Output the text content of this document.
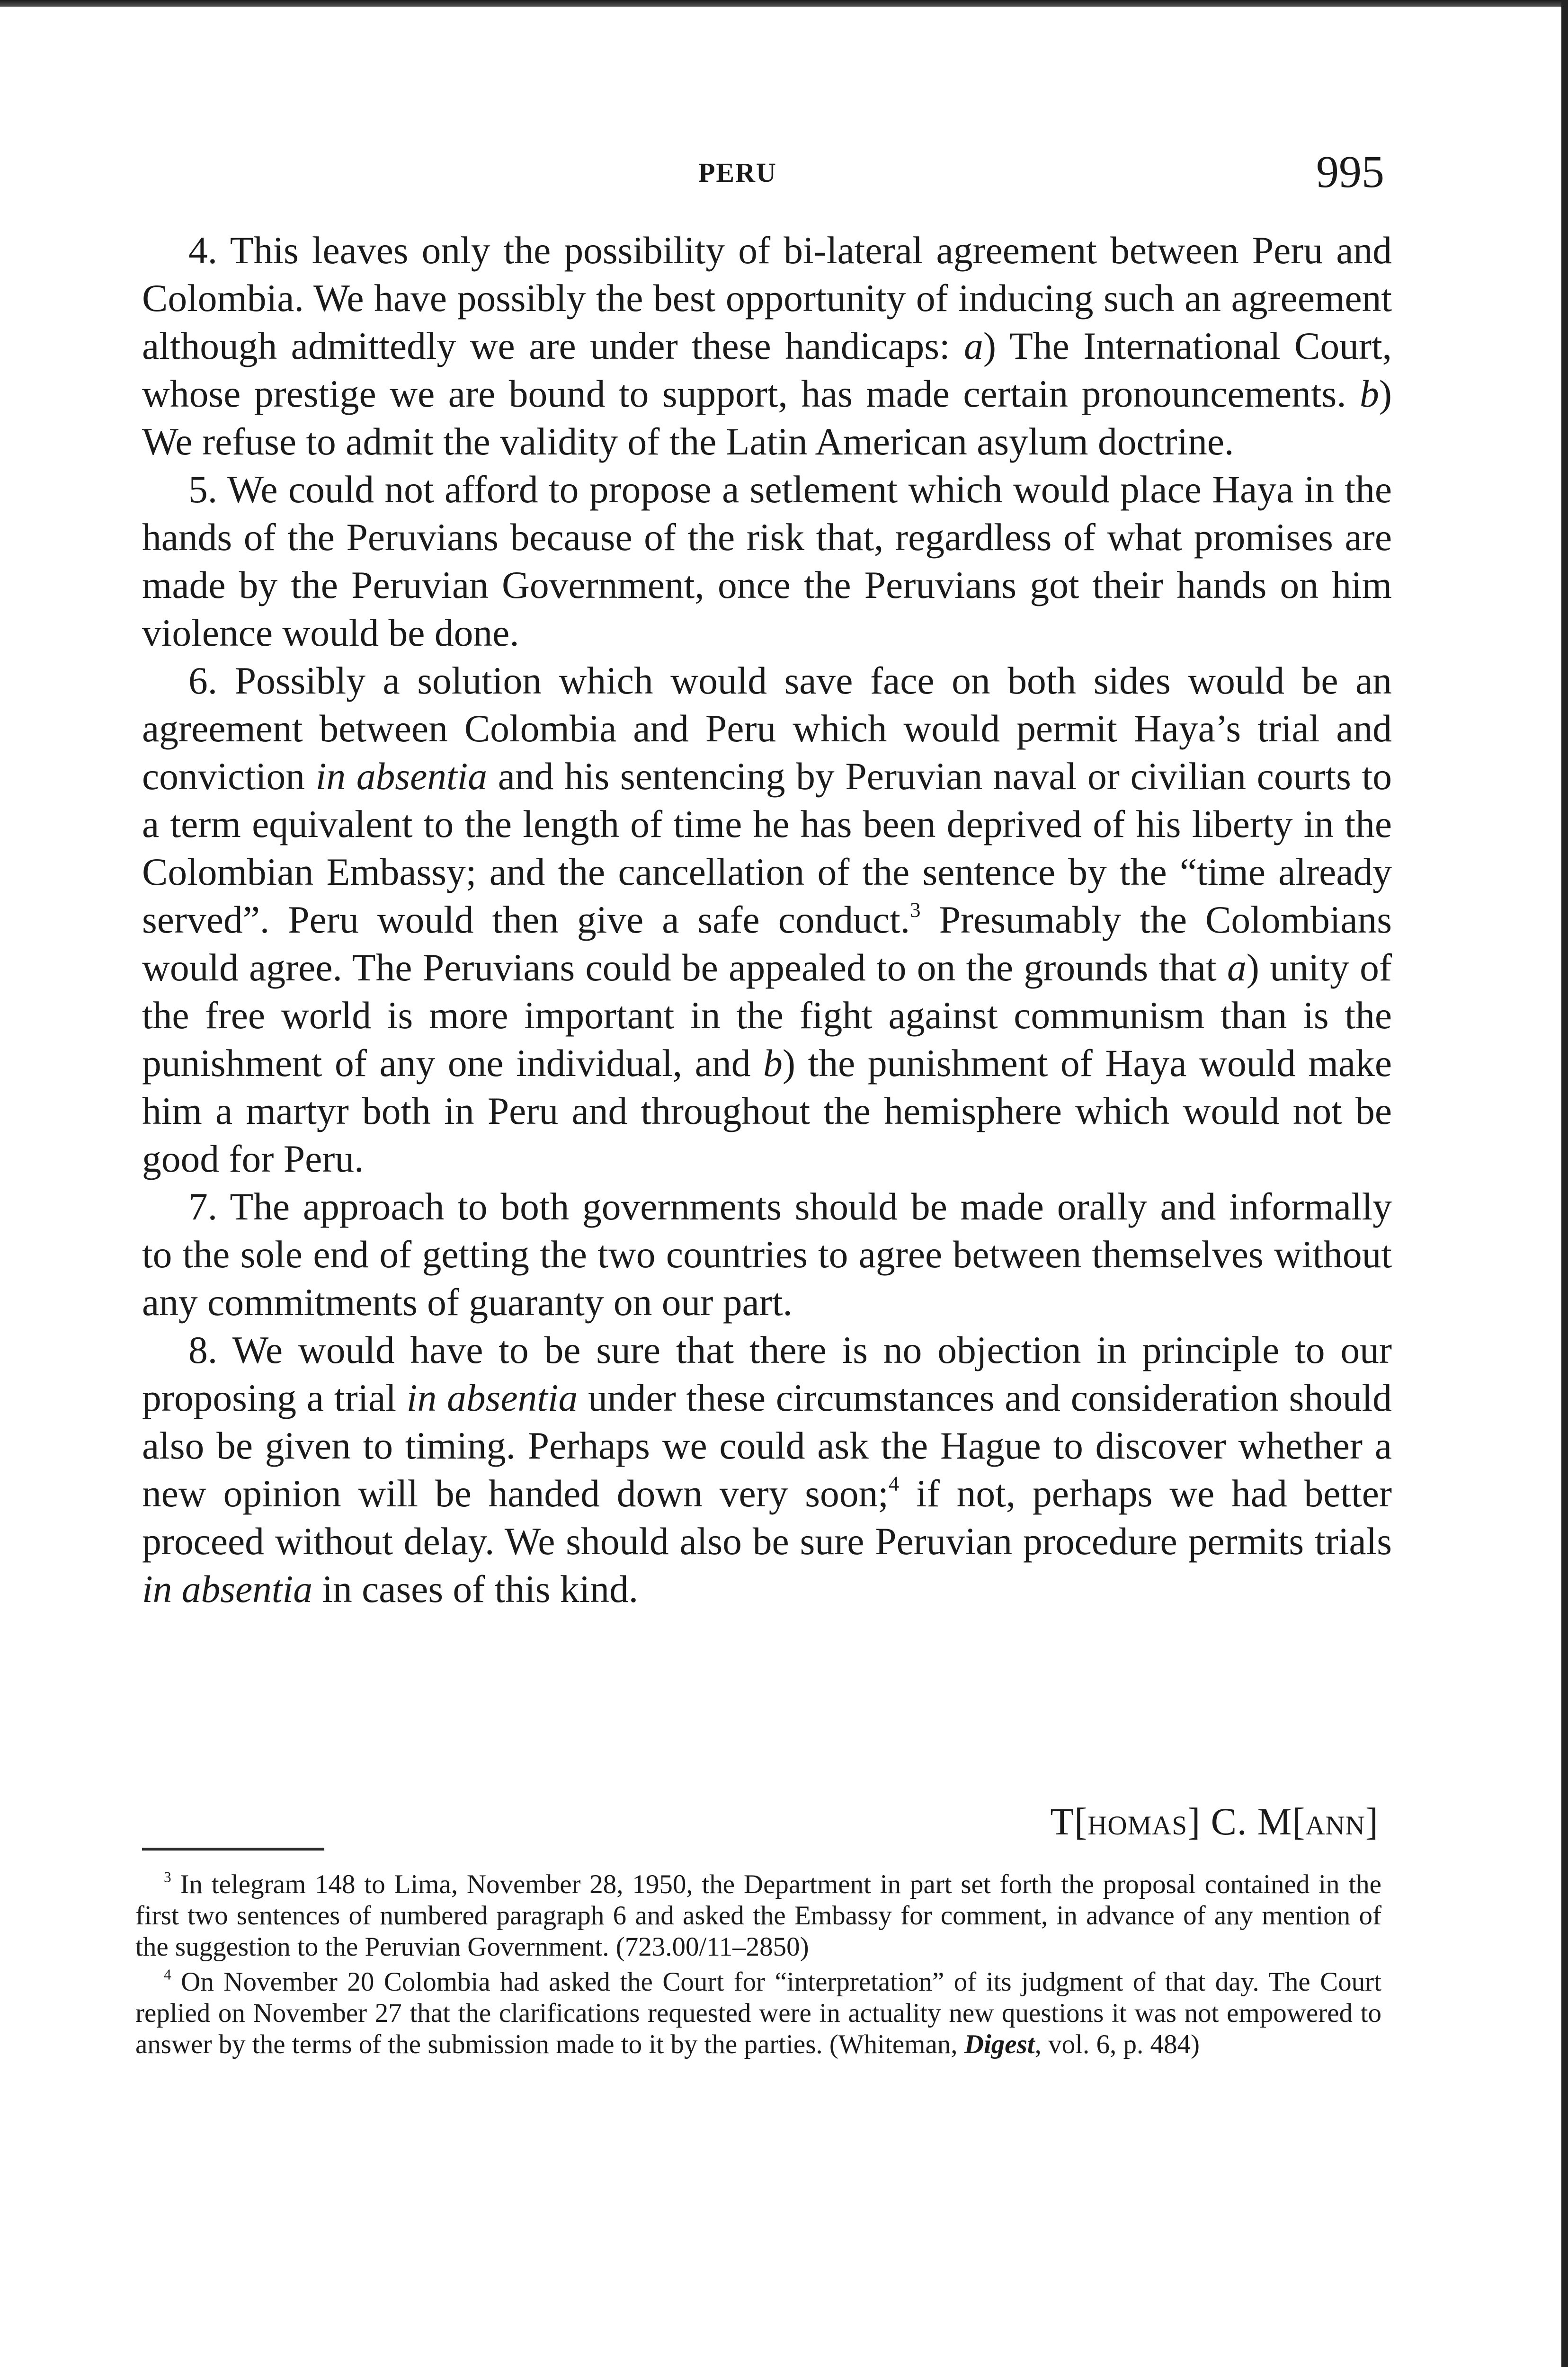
PERU	995

4. This leaves only the possibility of bi-lateral agreement between Peru and Colombia. We have possibly the best opportunity of inducing such an agreement although admittedly we are under these handicaps: a) The International Court, whose prestige we are bound to support, has made certain pronouncements. b) We refuse to admit the validity of the Latin American asylum doctrine.

5. We could not afford to propose a setlement which would place Haya in the hands of the Peruvians because of the risk that, regardless of what promises are made by the Peruvian Government, once the Peruvians got their hands on him violence would be done.

6. Possibly a solution which would save face on both sides would be an agreement between Colombia and Peru which would permit Haya’s trial and conviction in absentia and his sentencing by Peruvian naval or civilian courts to a term equivalent to the length of time he has been deprived of his liberty in the Colombian Embassy; and the cancellation of the sentence by the “time already served”. Peru would then give a safe conduct.$^3$ Presumably the Colombians would agree. The Peruvians could be appealed to on the grounds that a) unity of the free world is more important in the fight against communism than is the punishment of any one individual, and b) the punishment of Haya would make him a martyr both in Peru and throughout the hemisphere which would not be good for Peru.

7. The approach to both governments should be made orally and informally to the sole end of getting the two countries to agree between themselves without any commitments of guaranty on our part.

8. We would have to be sure that there is no objection in principle to our proposing a trial in absentia under these circumstances and consideration should also be given to timing. Perhaps we could ask the Hague to discover whether a new opinion will be handed down very soon;$^4$ if not, perhaps we had better proceed without delay. We should also be sure Peruvian procedure permits trials in absentia in cases of this kind.

T[homas] C. M[ann]

$^3$ In telegram 148 to Lima, November 28, 1950, the Department in part set forth the proposal contained in the first two sentences of numbered paragraph 6 and asked the Embassy for comment, in advance of any mention of the suggestion to the Peruvian Government. (723.00/11–2850)

$^4$ On November 20 Colombia had asked the Court for “interpretation” of its judgment of that day. The Court replied on November 27 that the clarifications requested were in actuality new questions it was not empowered to answer by the terms of the submission made to it by the parties. (Whiteman, Digest, vol. 6, p. 484)
